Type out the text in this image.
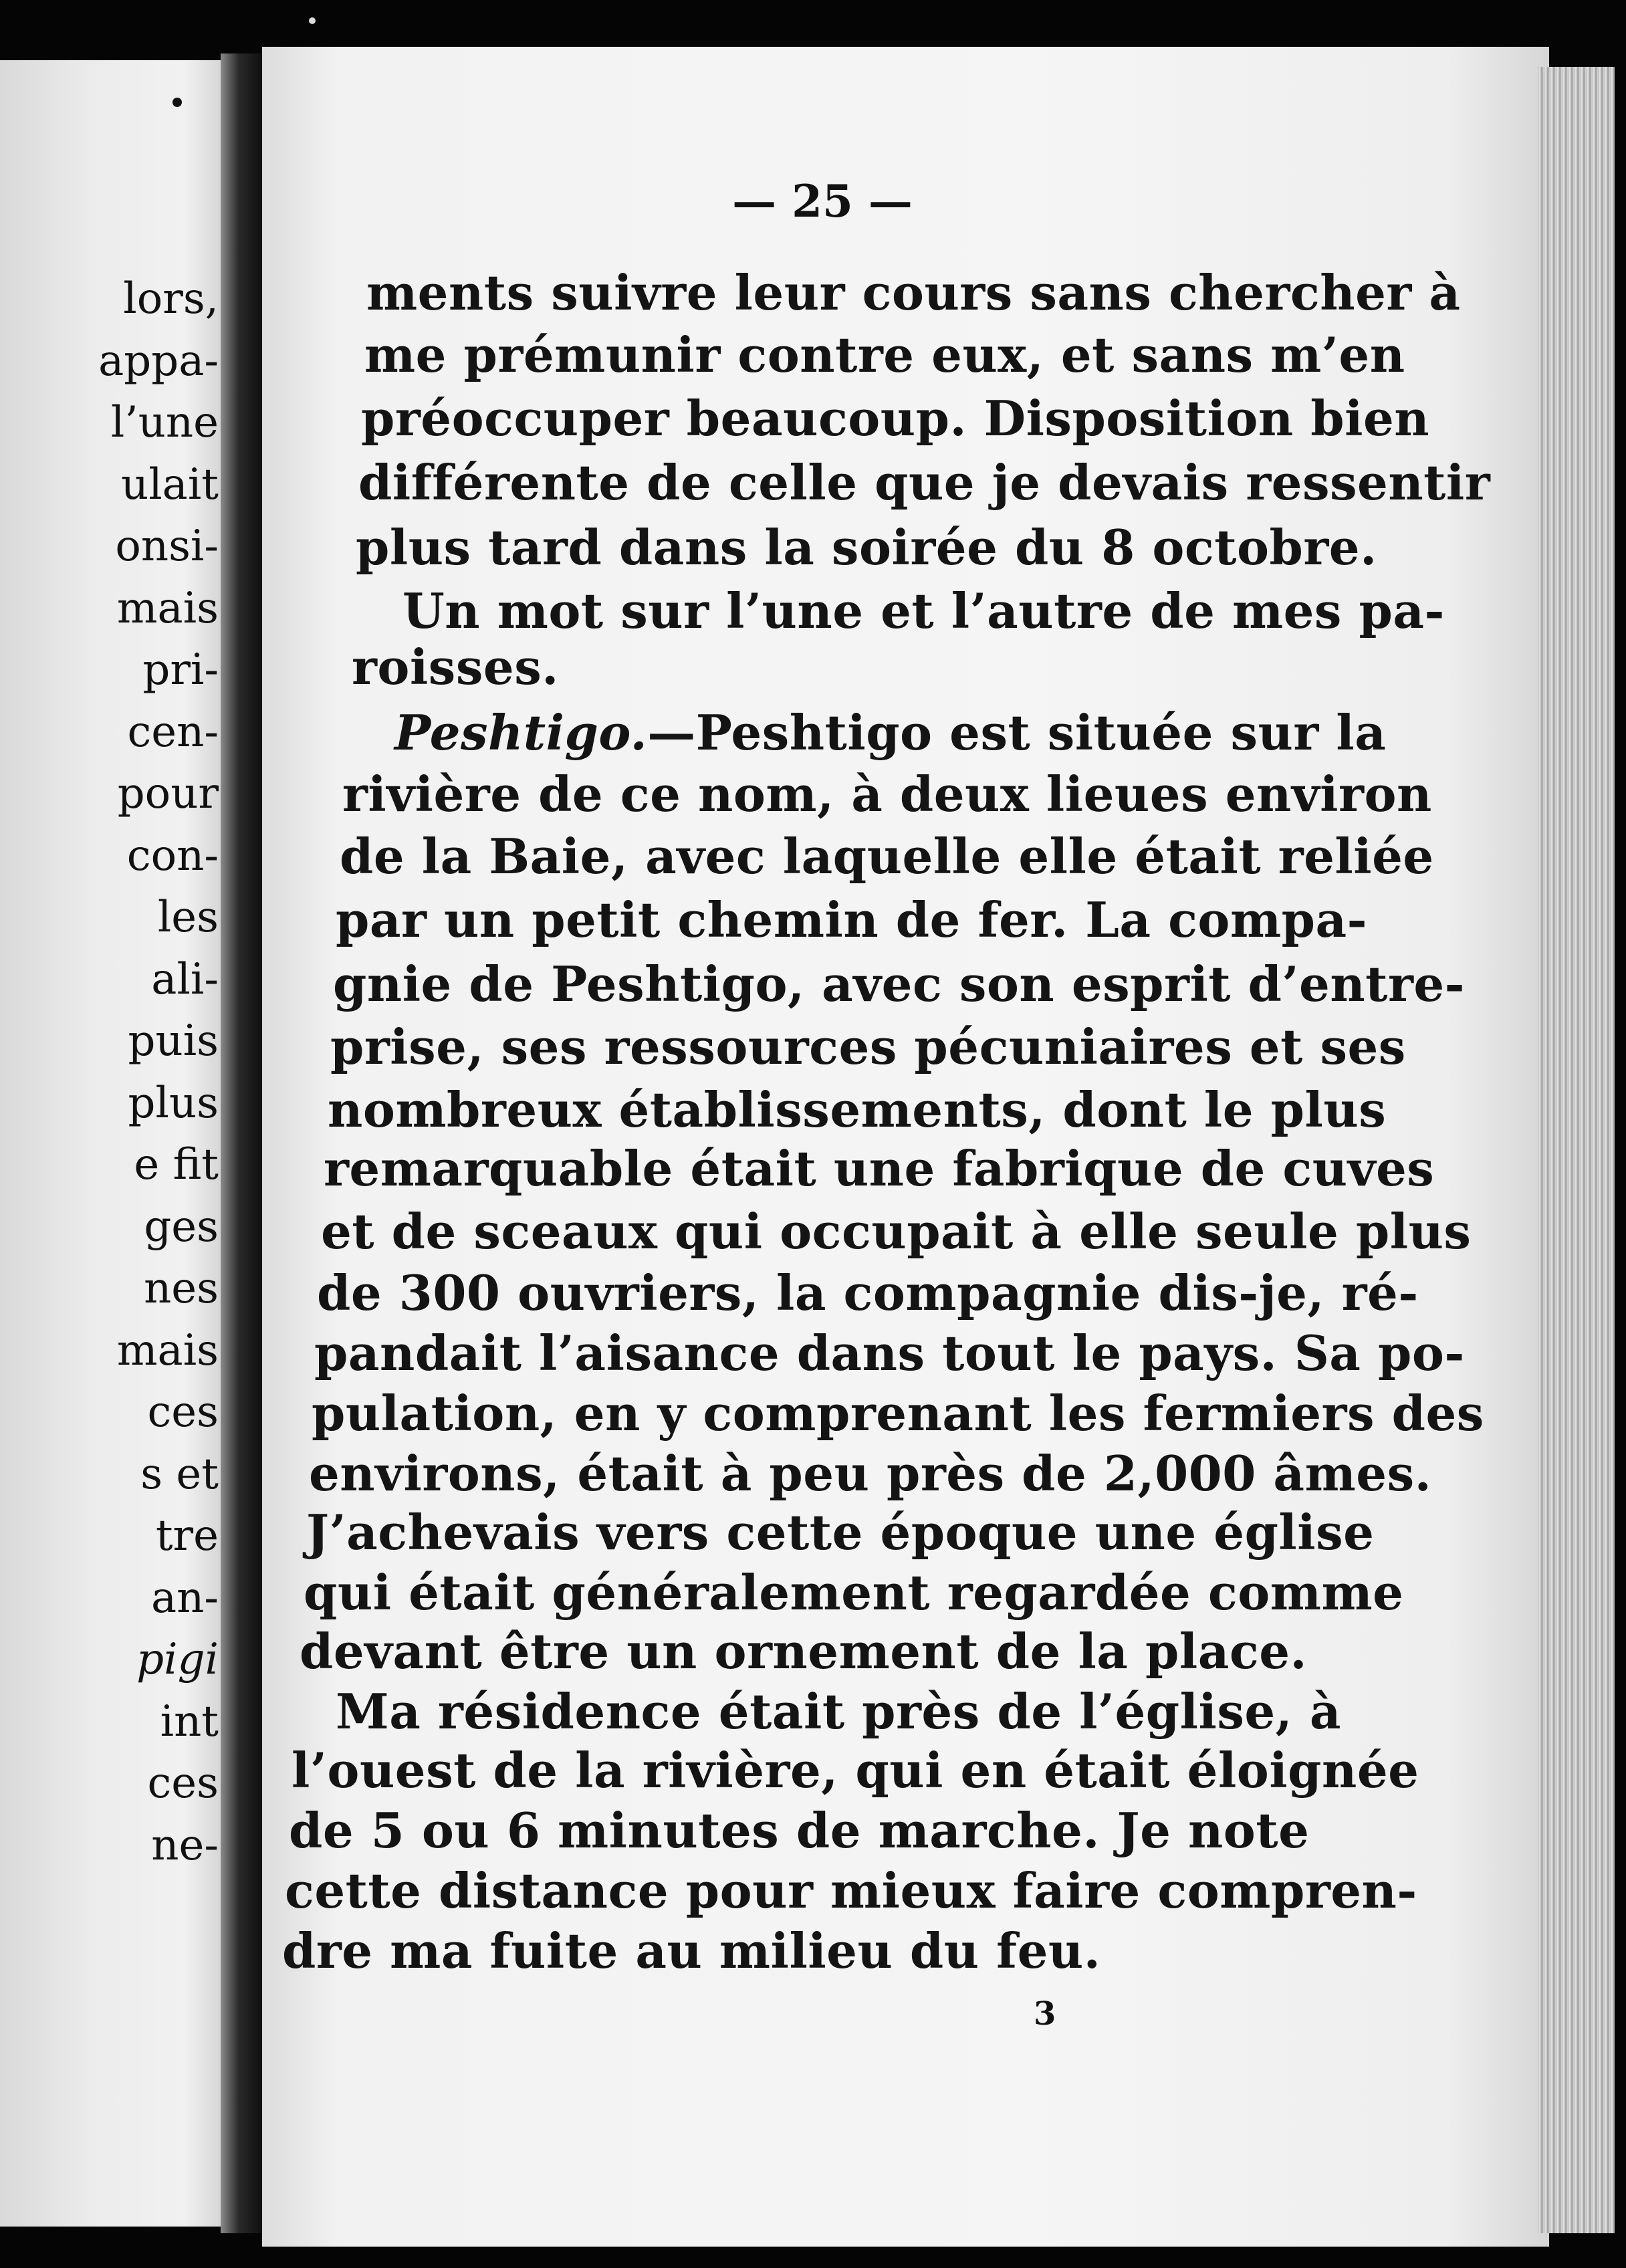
lors,
appa-
l’une
ulait
onsi-
mais
pri-
cen-
pour
con-
les
ali-
puis
plus
e fit
ges
nes
mais
ces
s et
tre
an-
pigi
int
ces
ne-
— 25 —
ments suivre leur cours sans chercher à
me prémunir contre eux, et sans m’en
préoccuper beaucoup. Disposition bien
différente de celle que je devais ressentir
plus tard dans la soirée du 8 octobre.
Un mot sur l’une et l’autre de mes pa-
roisses.
Peshtigo.—Peshtigo est située sur la
rivière de ce nom, à deux lieues environ
de la Baie, avec laquelle elle était reliée
par un petit chemin de fer. La compa-
gnie de Peshtigo, avec son esprit d’entre-
prise, ses ressources pécuniaires et ses
nombreux établissements, dont le plus
remarquable était une fabrique de cuves
et de sceaux qui occupait à elle seule plus
de 300 ouvriers, la compagnie dis-je, ré-
pandait l’aisance dans tout le pays. Sa po-
pulation, en y comprenant les fermiers des
environs, était à peu près de 2,000 âmes.
J’achevais vers cette époque une église
qui était généralement regardée comme
devant être un ornement de la place.
Ma résidence était près de l’église, à
l’ouest de la rivière, qui en était éloignée
de 5 ou 6 minutes de marche. Je note
cette distance pour mieux faire compren-
dre ma fuite au milieu du feu.
3
